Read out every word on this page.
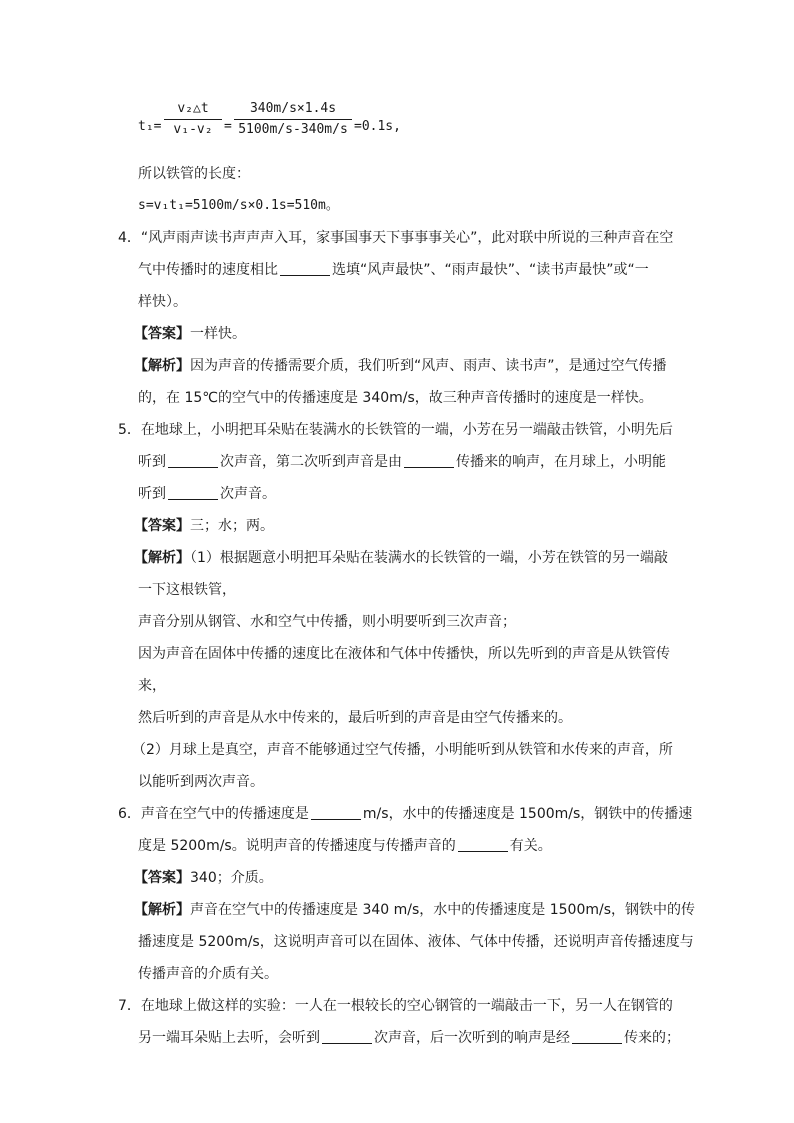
t₁=
v₂△t
v₁-v₂ =
340m/s×1.4s
5100m/s-340m/s =0.1s,
所以铁管的长度：
s=v₁t₁=5100m/s×0.1s=510m。
4．“风声雨声读书声声声入耳，家事国事天下事事事关心”，此对联中所说的三种声音在空
气中传播时的速度相比	选填“风声最快”、“雨声最快”、“读书声最快”或“一
样快）。
【答案】一样快。
【解析】因为声音的传播需要介质，我们听到“风声、雨声、读书声”，是通过空气传播
的，在 15℃的空气中的传播速度是 340m/s，故三种声音传播时的速度是一样快。
5．在地球上，小明把耳朵贴在装满水的长铁管的一端，小芳在另一端敲击铁管，小明先后
听到	次声音，第二次听到声音是由	传播来的响声，在月球上，小明能
听到	次声音。
【答案】三；水；两。
【解析】（1）根据题意小明把耳朵贴在装满水的长铁管的一端，小芳在铁管的另一端敲
一下这根铁管，
声音分别从钢管、水和空气中传播，则小明要听到三次声音；
因为声音在固体中传播的速度比在液体和气体中传播快，所以先听到的声音是从铁管传
来，
然后听到的声音是从水中传来的，最后听到的声音是由空气传播来的。
（2）月球上是真空，声音不能够通过空气传播，小明能听到从铁管和水传来的声音，所
以能听到两次声音。
6．声音在空气中的传播速度是	m/s，水中的传播速度是 1500m/s，钢铁中的传播速
度是 5200m/s。说明声音的传播速度与传播声音的	有关。
【答案】340；介质。
【解析】声音在空气中的传播速度是 340 m/s，水中的传播速度是 1500m/s，钢铁中的传
播速度是 5200m/s，这说明声音可以在固体、液体、气体中传播，还说明声音传播速度与
传播声音的介质有关。
7．在地球上做这样的实验：一人在一根较长的空心钢管的一端敲击一下，另一人在钢管的
另一端耳朵贴上去听，会听到	次声音，后一次听到的响声是经	传来的；
